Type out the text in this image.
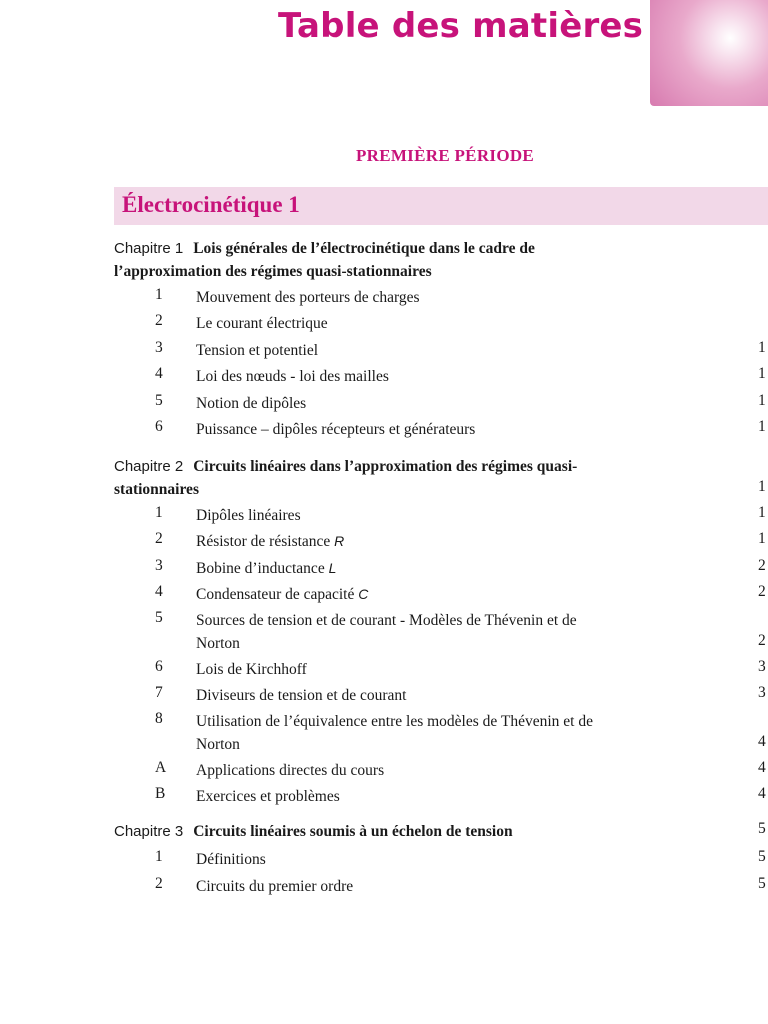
Table des matières
PREMIÈRE PÉRIODE
Électrocinétique 1
Chapitre 1 Lois générales de l’électrocinétique dans le cadre de l’approximation des régimes quasi-stationnaires
1 Mouvement des porteurs de charges
2 Le courant électrique
3 Tension et potentiel	1
4 Loi des nœuds - loi des mailles	1
5 Notion de dipôles	1
6 Puissance – dipôles récepteurs et générateurs	1
Chapitre 2 Circuits linéaires dans l’approximation des régimes quasi-stationnaires	1
1 Dipôles linéaires	1
2 Résistor de résistance R	1
3 Bobine d’inductance L	2
4 Condensateur de capacité C	2
5 Sources de tension et de courant - Modèles de Thévenin et de Norton	2
6 Lois de Kirchhoff	3
7 Diviseurs de tension et de courant	3
8 Utilisation de l’équivalence entre les modèles de Thévenin et de Norton	4
A Applications directes du cours	4
B Exercices et problèmes	4
Chapitre 3 Circuits linéaires soumis à un échelon de tension	5
1 Définitions	5
2 Circuits du premier ordre	5
